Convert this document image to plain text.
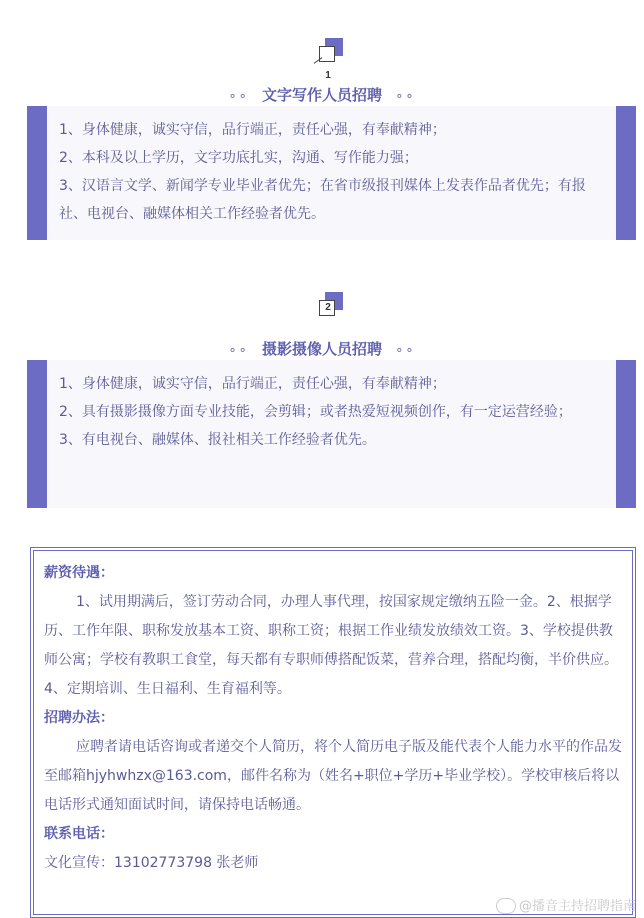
1
∘∘ 文字写作人员招聘 ∘∘

1、身体健康，诚实守信，品行端正，责任心强，有奉献精神；

2、本科及以上学历，文字功底扎实，沟通、写作能力强；

3、汉语言文学、新闻学专业毕业者优先；在省市级报刊媒体上发表作品者优先；有报社、电视台、融媒体相关工作经验者优先。

2
∘∘ 摄影摄像人员招聘 ∘∘

1、身体健康，诚实守信，品行端正，责任心强，有奉献精神；

2、具有摄影摄像方面专业技能，会剪辑；或者热爱短视频创作，有一定运营经验；

3、有电视台、融媒体、报社相关工作经验者优先。

薪资待遇：

1、试用期满后，签订劳动合同，办理人事代理，按国家规定缴纳五险一金。2、根据学历、工作年限、职称发放基本工资、职称工资；根据工作业绩发放绩效工资。3、学校提供教师公寓；学校有教职工食堂，每天都有专职师傅搭配饭菜，营养合理，搭配均衡，半价供应。4、定期培训、生日福利、生育福利等。

招聘办法：

应聘者请电话咨询或者递交个人简历，将个人简历电子版及能代表个人能力水平的作品发至邮箱hjyhwhzx@163.com，邮件名称为（姓名+职位+学历+毕业学校）。学校审核后将以电话形式通知面试时间，请保持电话畅通。

联系电话：

文化宣传：13102773798 张老师

@播音主持招聘指南
